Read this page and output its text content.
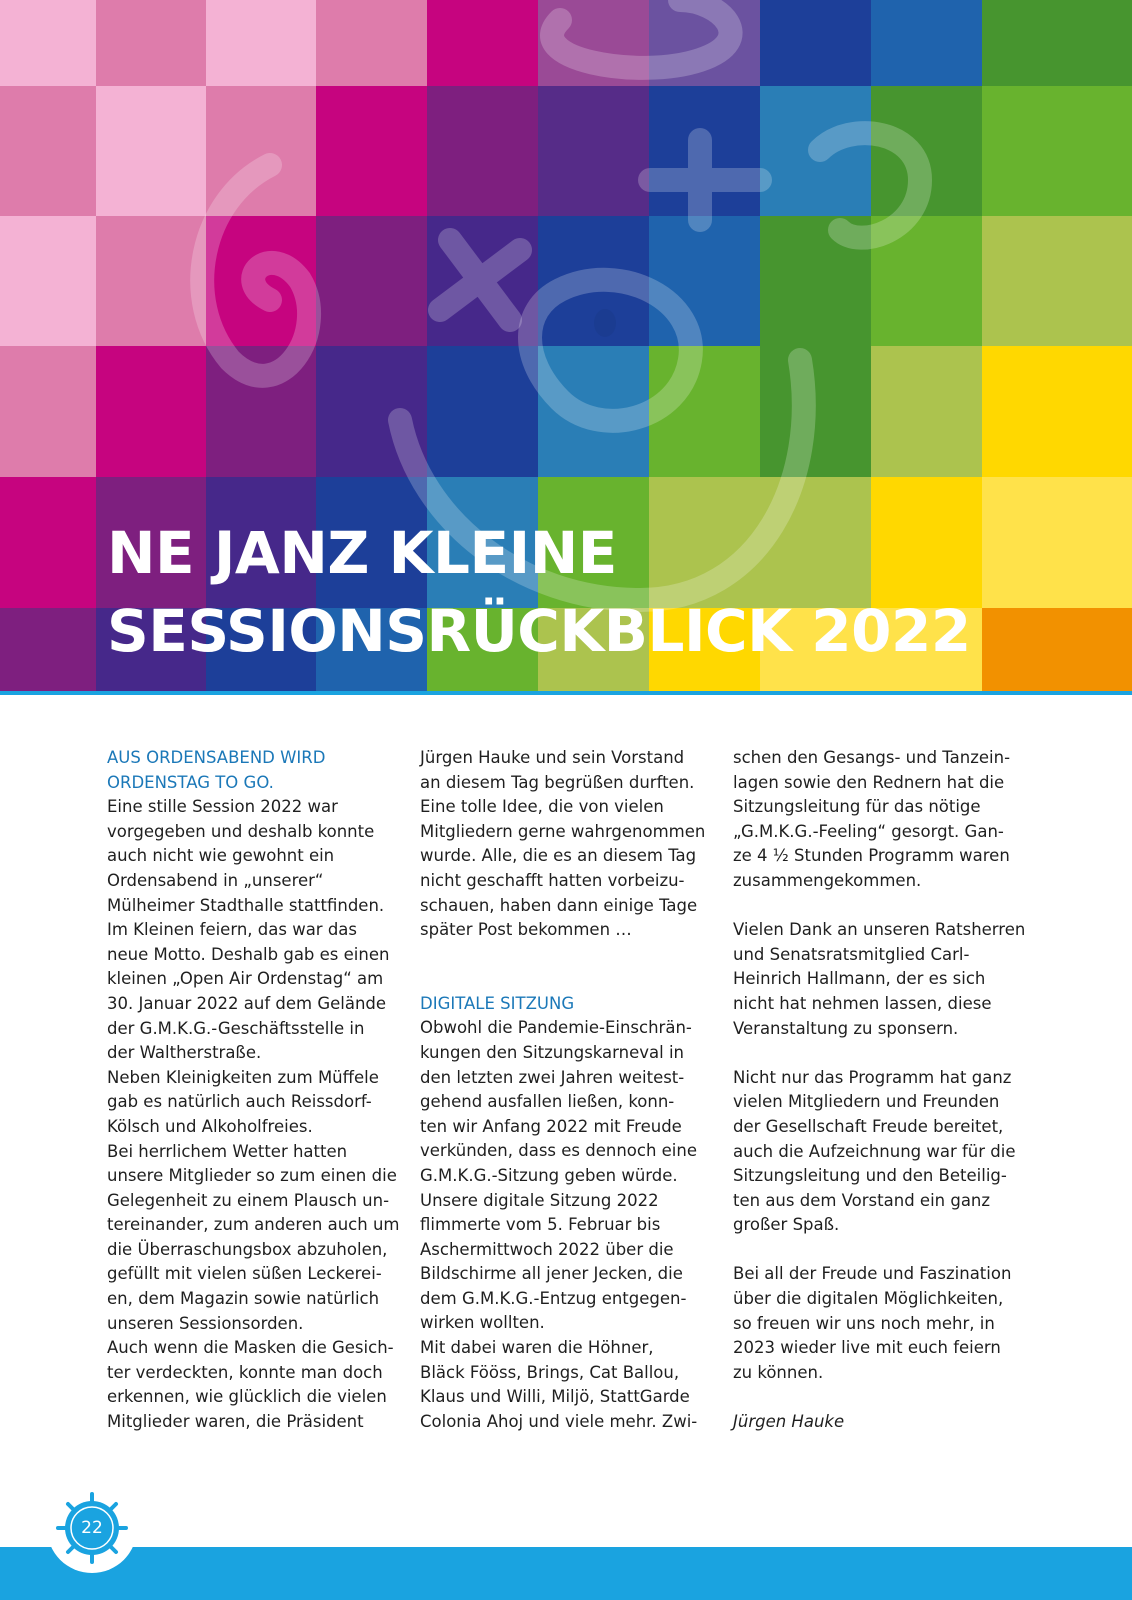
NE JANZ KLEINE
SESSIONSRÜCKBLICK 2022

AUS ORDENSABEND WIRD
ORDENSTAG TO GO.

Eine stille Session 2022 war
vorgegeben und deshalb konnte
auch nicht wie gewohnt ein
Ordensabend in „unserer“
Mülheimer Stadthalle stattfinden.
Im Kleinen feiern, das war das
neue Motto. Deshalb gab es einen
kleinen „Open Air Ordenstag“ am
30. Januar 2022 auf dem Gelände
der G.M.K.G.-Geschäftsstelle in
der Waltherstraße.
Neben Kleinigkeiten zum Müffele
gab es natürlich auch Reissdorf-
Kölsch und Alkoholfreies.
Bei herrlichem Wetter hatten
unsere Mitglieder so zum einen die
Gelegenheit zu einem Plausch un-
tereinander, zum anderen auch um
die Überraschungsbox abzuholen,
gefüllt mit vielen süßen Leckerei-
en, dem Magazin sowie natürlich
unseren Sessionsorden.
Auch wenn die Masken die Gesich-
ter verdeckten, konnte man doch
erkennen, wie glücklich die vielen
Mitglieder waren, die Präsident

Jürgen Hauke und sein Vorstand
an diesem Tag begrüßen durften.
Eine tolle Idee, die von vielen
Mitgliedern gerne wahrgenommen
wurde. Alle, die es an diesem Tag
nicht geschafft hatten vorbeizu-
schauen, haben dann einige Tage
später Post bekommen …

DIGITALE SITZUNG

Obwohl die Pandemie-Einschrän-
kungen den Sitzungskarneval in
den letzten zwei Jahren weitest-
gehend ausfallen ließen, konn-
ten wir Anfang 2022 mit Freude
verkünden, dass es dennoch eine
G.M.K.G.-Sitzung geben würde.
Unsere digitale Sitzung 2022
flimmerte vom 5. Februar bis
Aschermittwoch 2022 über die
Bildschirme all jener Jecken, die
dem G.M.K.G.-Entzug entgegen-
wirken wollten.
Mit dabei waren die Höhner,
Bläck Fööss, Brings, Cat Ballou,
Klaus und Willi, Miljö, StattGarde
Colonia Ahoj und viele mehr. Zwi-

schen den Gesangs- und Tanzein-
lagen sowie den Rednern hat die
Sitzungsleitung für das nötige
„G.M.K.G.-Feeling“ gesorgt. Gan-
ze 4 ½ Stunden Programm waren
zusammengekommen.

Vielen Dank an unseren Ratsherren
und Senatsratsmitglied Carl-
Heinrich Hallmann, der es sich
nicht hat nehmen lassen, diese
Veranstaltung zu sponsern.

Nicht nur das Programm hat ganz
vielen Mitgliedern und Freunden
der Gesellschaft Freude bereitet,
auch die Aufzeichnung war für die
Sitzungsleitung und den Beteilig-
ten aus dem Vorstand ein ganz
großer Spaß.

Bei all der Freude und Faszination
über die digitalen Möglichkeiten,
so freuen wir uns noch mehr, in
2023 wieder live mit euch feiern
zu können.

Jürgen Hauke

22
